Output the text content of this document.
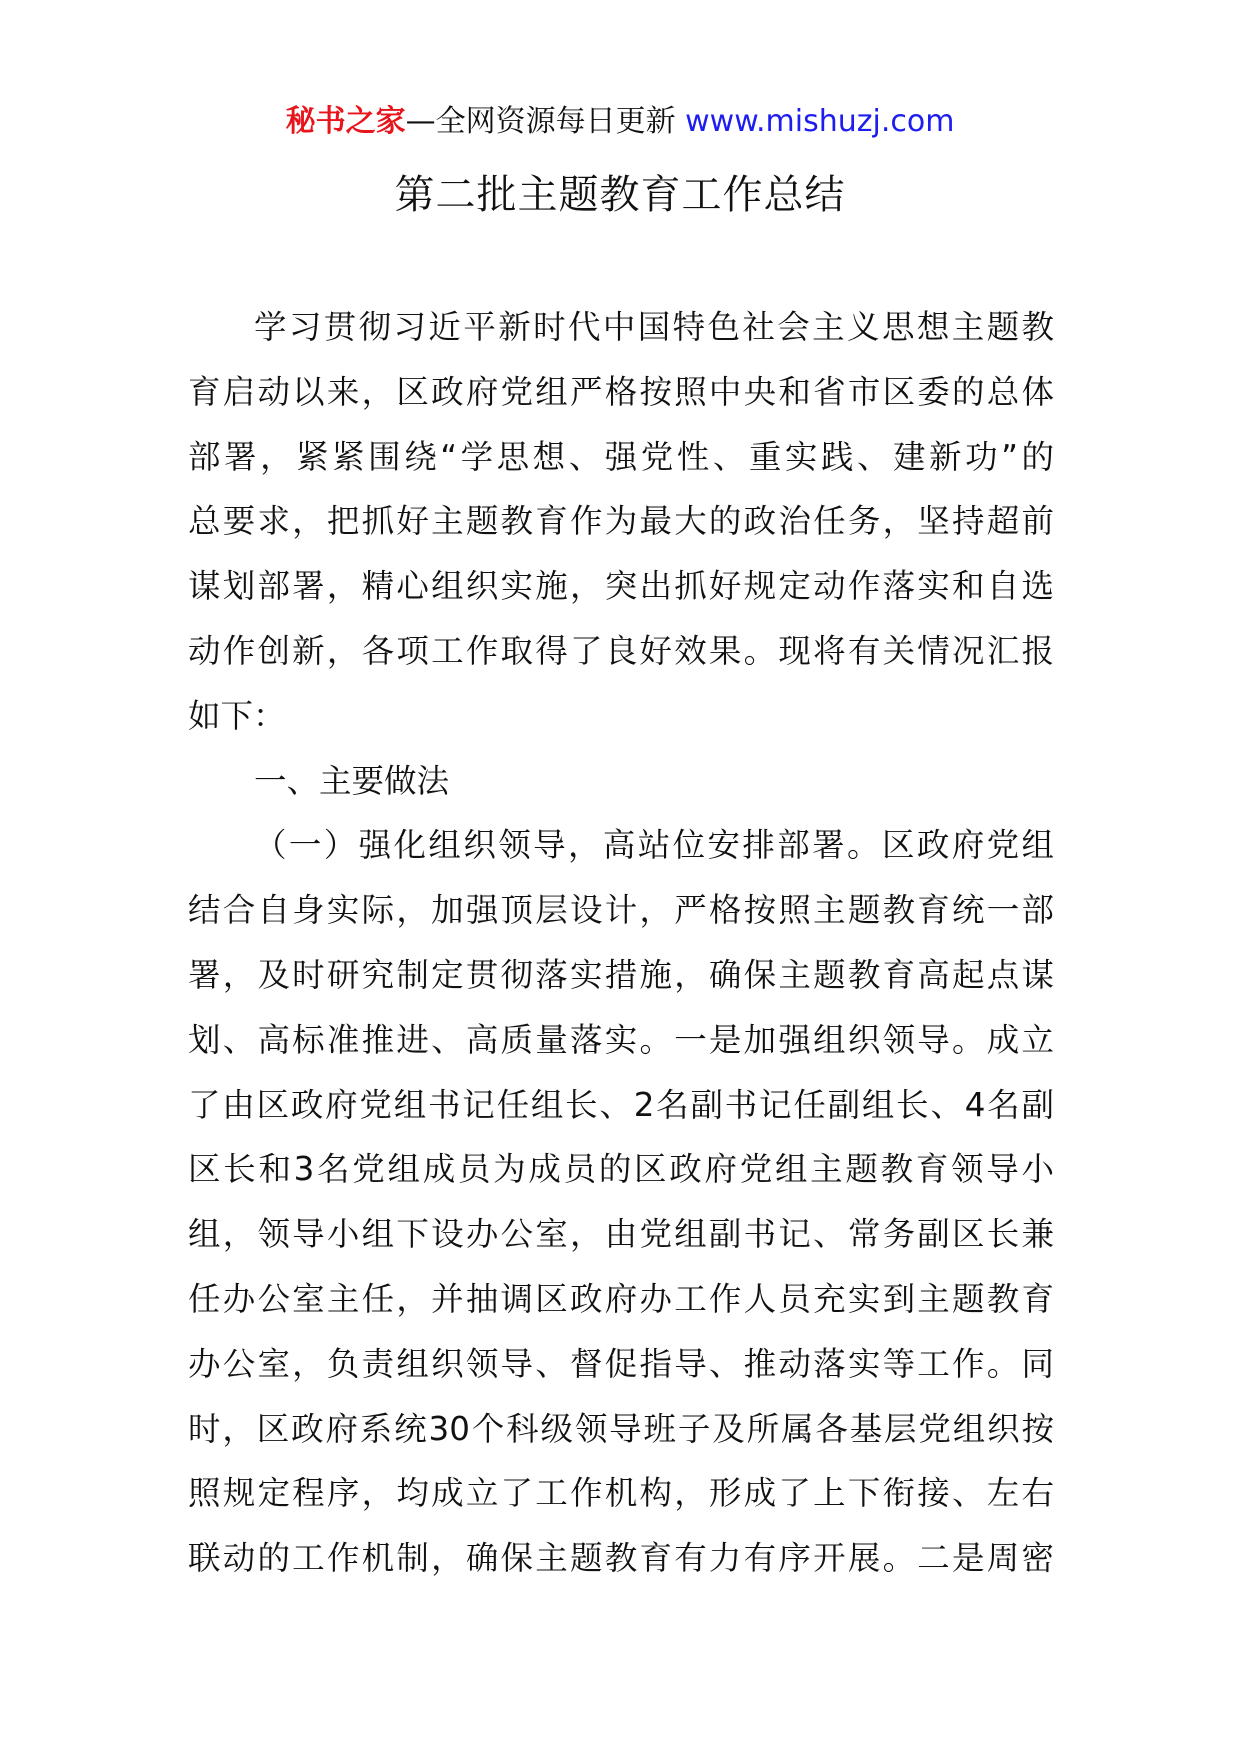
秘书之家—全网资源每日更新 www.mishuzj.com
第二批主题教育工作总结
学习贯彻习近平新时代中国特色社会主义思想主题教
育启动以来，区政府党组严格按照中央和省市区委的总体
部署，紧紧围绕“学思想、强党性、重实践、建新功”的
总要求，把抓好主题教育作为最大的政治任务，坚持超前
谋划部署，精心组织实施，突出抓好规定动作落实和自选
动作创新，各项工作取得了良好效果。现将有关情况汇报
如下：
一、主要做法
（一）强化组织领导，高站位安排部署。区政府党组
结合自身实际，加强顶层设计，严格按照主题教育统一部
署，及时研究制定贯彻落实措施，确保主题教育高起点谋
划、高标准推进、高质量落实。一是加强组织领导。成立
了由区政府党组书记任组长、2名副书记任副组长、4名副
区长和3名党组成员为成员的区政府党组主题教育领导小
组，领导小组下设办公室，由党组副书记、常务副区长兼
任办公室主任，并抽调区政府办工作人员充实到主题教育
办公室，负责组织领导、督促指导、推动落实等工作。同
时，区政府系统30个科级领导班子及所属各基层党组织按
照规定程序，均成立了工作机构，形成了上下衔接、左右
联动的工作机制，确保主题教育有力有序开展。二是周密
